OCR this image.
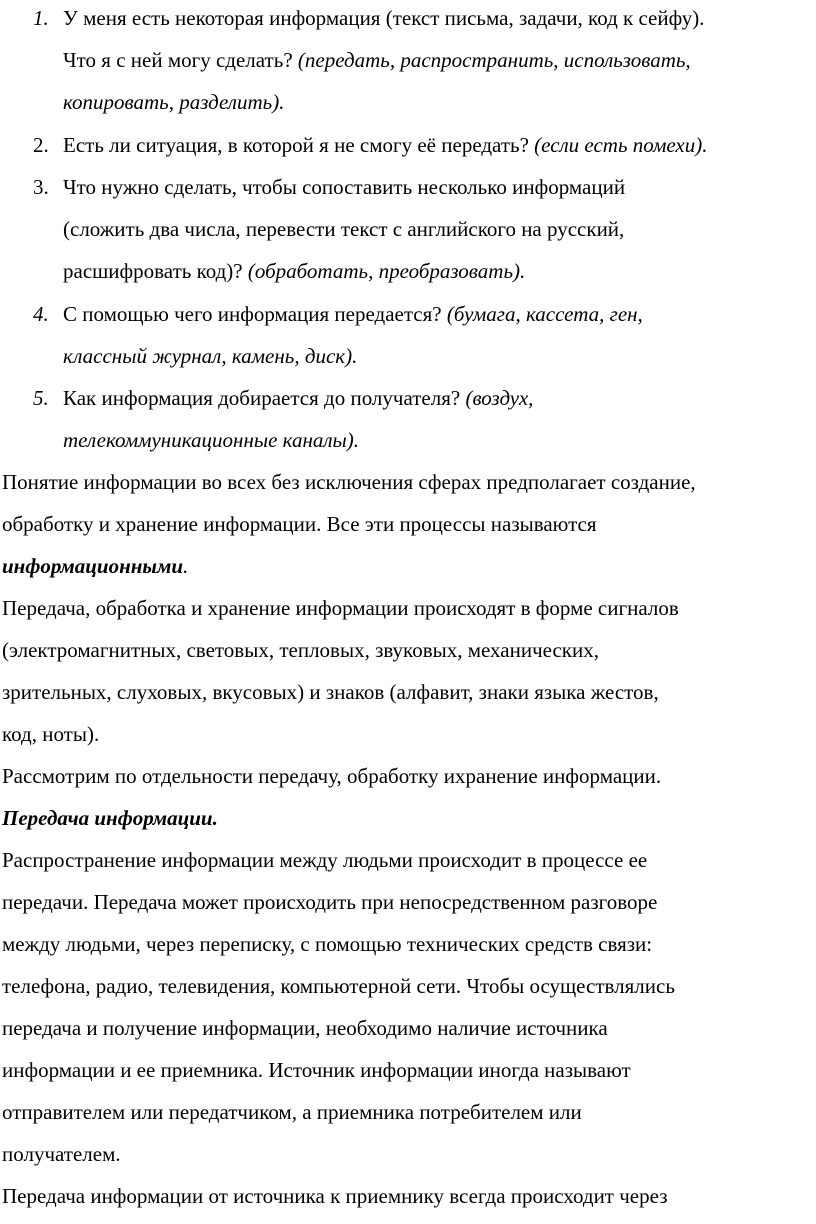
1. У меня есть некоторая информация (текст письма, задачи, код к сейфу).
Что я с ней могу сделать? (передать, распространить, использовать,
копировать, разделить).
2. Есть ли ситуация, в которой я не смогу её передать? (если есть помехи).
3. Что нужно сделать, чтобы сопоставить несколько информаций
(сложить два числа, перевести текст с английского на русский,
расшифровать код)? (обработать, преобразовать).
4. С помощью чего информация передается? (бумага, кассета, ген,
классный журнал, камень, диск).
5. Как информация добирается до получателя? (воздух,
телекоммуникационные каналы).
Понятие информации во всех без исключения сферах предполагает создание,
обработку и хранение информации. Все эти процессы называются
информационными.
Передача, обработка и хранение информации происходят в форме сигналов
(электромагнитных, световых, тепловых, звуковых, механических,
зрительных, слуховых, вкусовых) и знаков (алфавит, знаки языка жестов,
код, ноты).
Рассмотрим по отдельности передачу, обработку ихранение информации.
Передача информации.
Распространение информации между людьми происходит в процессе ее
передачи. Передача может происходить при непосредственном разговоре
между людьми, через переписку, с помощью технических средств связи:
телефона, радио, телевидения, компьютерной сети. Чтобы осуществлялись
передача и получение информации, необходимо наличие источника
информации и ее приемника. Источник информации иногда называют
отправителем или передатчиком, а приемника потребителем или
получателем.
Передача информации от источника к приемнику всегда происходит через
